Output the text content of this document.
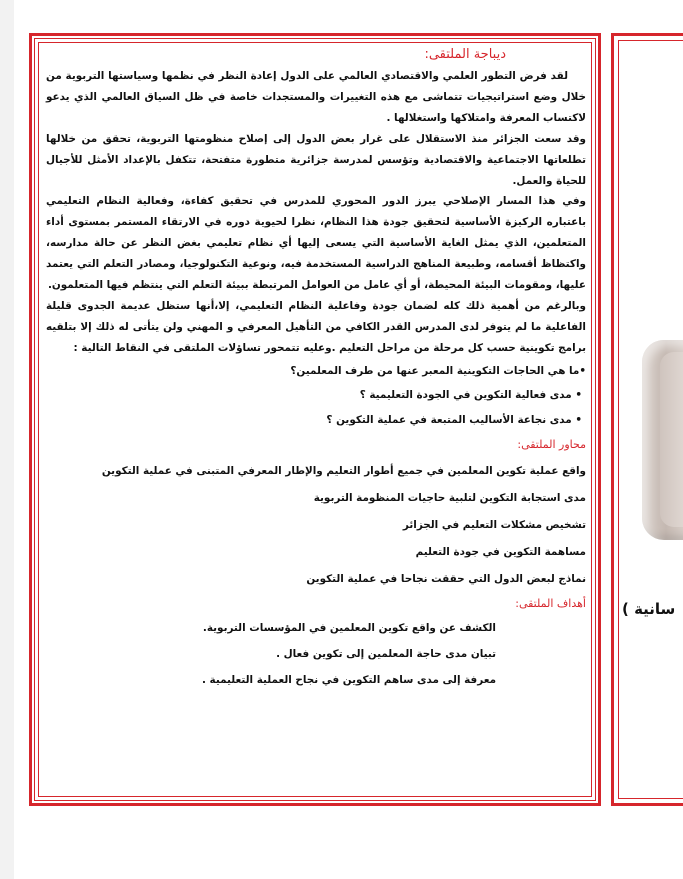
سانية )

ديباجة الملتقى:

لقد فرض التطور العلمي والاقتصادي العالمي على الدول إعادة النظر في نظمها وسياستها التربوية من خلال وضع استراتيجيات تتماشى مع هذه التغييرات والمستجدات خاصة في ظل السياق العالمي الذي يدعو لاكتساب المعرفة وامتلاكها واستغلالها .

وقد سعت الجزائر منذ الاستقلال على غرار بعض الدول إلى إصلاح منظومتها التربوية، تحقق من خلالها تطلعاتها الاجتماعية والاقتصادية وتؤسس لمدرسة جزائرية متطورة متفتحة، تتكفل بالإعداد الأمثل للأجيال للحياة والعمل.

وفي هذا المسار الإصلاحي يبرز الدور المحوري للمدرس في تحقيق كفاءة، وفعالية النظام التعليمي باعتباره الركيزة الأساسية لتحقيق جودة هذا النظام، نظرا لحيوية دوره في الارتقاء المستمر بمستوى أداء المتعلمين، الذي يمثل الغاية الأساسية التي يسعى إليها أي نظام تعليمي بغض النظر عن حالة مدارسه، واكتظاظ أقسامه، وطبيعة المناهج الدراسية المستخدمة فيه، ونوعية التكنولوجيا، ومصادر التعلم التي يعتمد عليها، ومقومات البيئة المحيطة، أو أي عامل من العوامل المرتبطة ببيئة التعلم التي ينتظم فيها المتعلمون.

وبالرغم من أهمية ذلك كله لضمان جودة وفاعلية النظام التعليمي، إلا،أنها ستظل عديمة الجدوى قليلة الفاعلية ما لم يتوفر لدى المدرس القدر الكافي من التأهيل المعرفي و المهني ولن يتأتى له ذلك إلا بتلقيه برامج تكوينية حسب كل مرحلة من مراحل التعليم .وعليه تتمحور تساؤلات الملتقى في النقاط التالية :

•ما هي الحاجات التكوينية المعبر عنها من طرف المعلمين؟

• مدى فعالية التكوين في الجودة التعليمية ؟

• مدى نجاعة الأساليب المتبعة في عملية التكوين ؟

محاور الملتقى:

واقع عملية تكوين المعلمين في جميع أطوار التعليم والإطار المعرفي المتبنى في عملية التكوين

مدى استجابة التكوين لتلبية حاجيات المنظومة التربوية

تشخيص مشكلات التعليم في الجزائر

مساهمة التكوين في جودة التعليم

نماذج لبعض الدول التي حققت نجاحا في عملية التكوين

أهداف الملتقى:

الكشف عن واقع تكوين المعلمين في المؤسسات التربوية.

تبيان مدى حاجة المعلمين إلى تكوين فعال .

معرفة إلى مدى ساهم التكوين في نجاح العملية التعليمية .
